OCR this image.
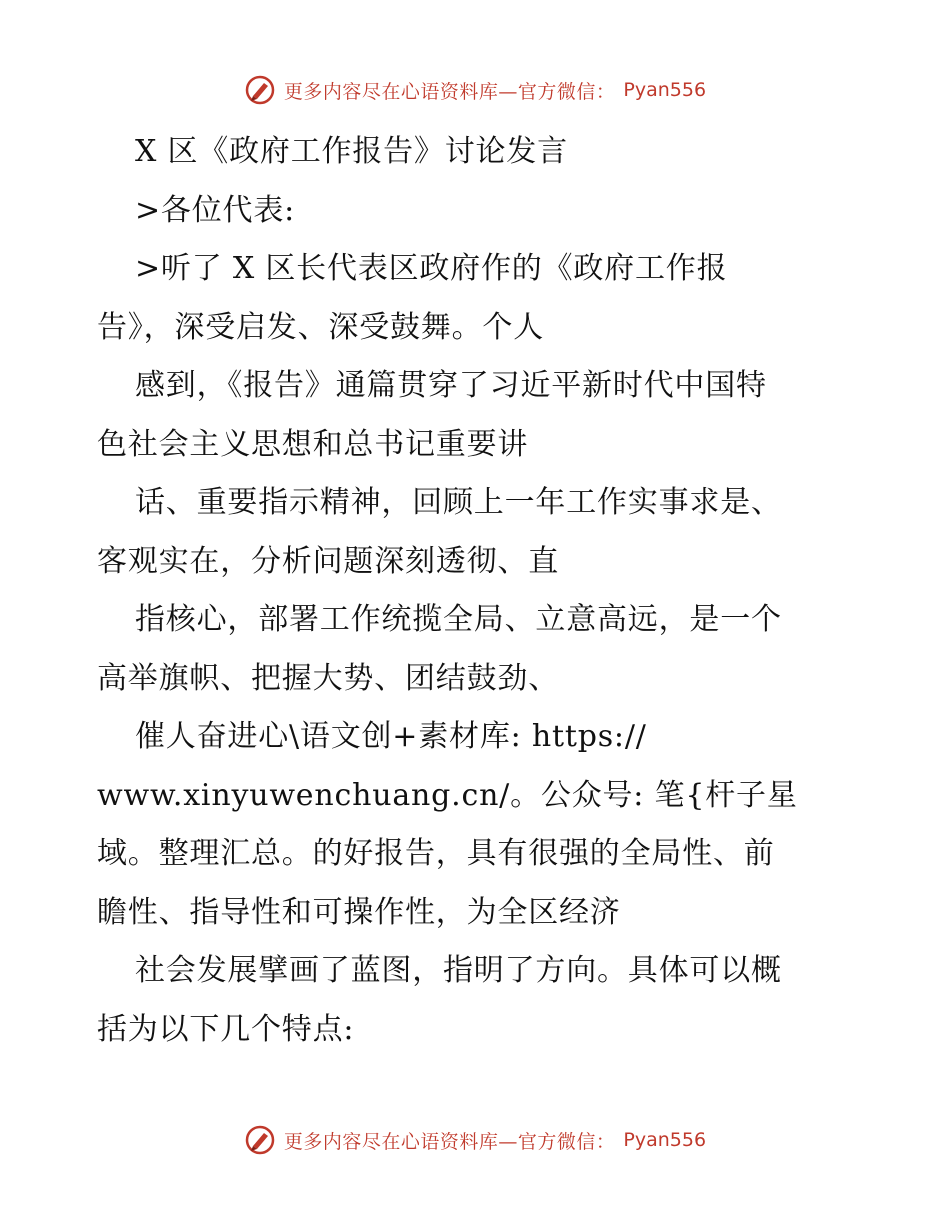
更多内容尽在心语资料库—官方微信： Pyan556
X 区《政府工作报告》讨论发言
>各位代表:
>听了 X 区长代表区政府作的《政府工作报
告》，深受启发、深受鼓舞。个人
感到，《报告》通篇贯穿了习近平新时代中国特
色社会主义思想和总书记重要讲
话、重要指示精神，回顾上一年工作实事求是、
客观实在，分析问题深刻透彻、直
指核心，部署工作统揽全局、立意高远，是一个
高举旗帜、把握大势、团结鼓劲、
催人奋进心\语文创+素材库: https://
www.xinyuwenchuang.cn/。公众号: 笔{杆子星
域。整理汇总。的好报告，具有很强的全局性、前
瞻性、指导性和可操作性，为全区经济
社会发展擘画了蓝图，指明了方向。具体可以概
括为以下几个特点:
更多内容尽在心语资料库—官方微信： Pyan556
